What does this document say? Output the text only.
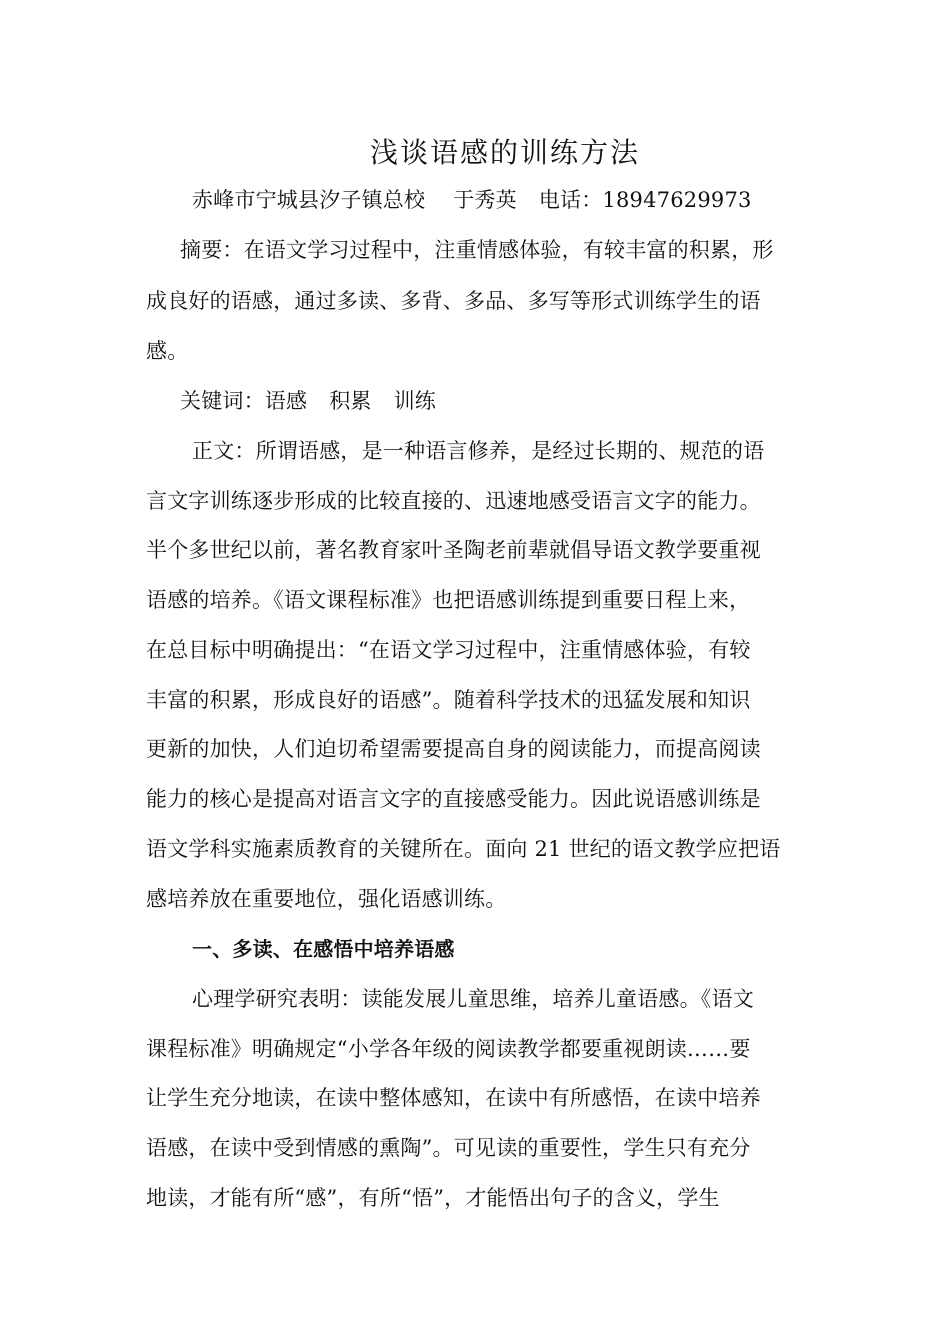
浅谈语感的训练方法
赤峰市宁城县汐子镇总校 于秀英 电话：18947629973
摘要：在语文学习过程中，注重情感体验，有较丰富的积累，形
成良好的语感，通过多读、多背、多品、多写等形式训练学生的语
感。
关键词：语感 积累 训练
正文：所谓语感，是一种语言修养，是经过长期的、规范的语
言文字训练逐步形成的比较直接的、迅速地感受语言文字的能力。
半个多世纪以前，著名教育家叶圣陶老前辈就倡导语文教学要重视
语感的培养。《语文课程标准》也把语感训练提到重要日程上来，
在总目标中明确提出：“在语文学习过程中，注重情感体验，有较
丰富的积累，形成良好的语感”。随着科学技术的迅猛发展和知识
更新的加快，人们迫切希望需要提高自身的阅读能力，而提高阅读
能力的核心是提高对语言文字的直接感受能力。因此说语感训练是
语文学科实施素质教育的关键所在。面向 21 世纪的语文教学应把语
感培养放在重要地位，强化语感训练。
一、多读、在感悟中培养语感
心理学研究表明：读能发展儿童思维，培养儿童语感。《语文
课程标准》明确规定“小学各年级的阅读教学都要重视朗读……要
让学生充分地读，在读中整体感知，在读中有所感悟，在读中培养
语感，在读中受到情感的熏陶”。可见读的重要性，学生只有充分
地读，才能有所“感”，有所“悟”，才能悟出句子的含义，学生
